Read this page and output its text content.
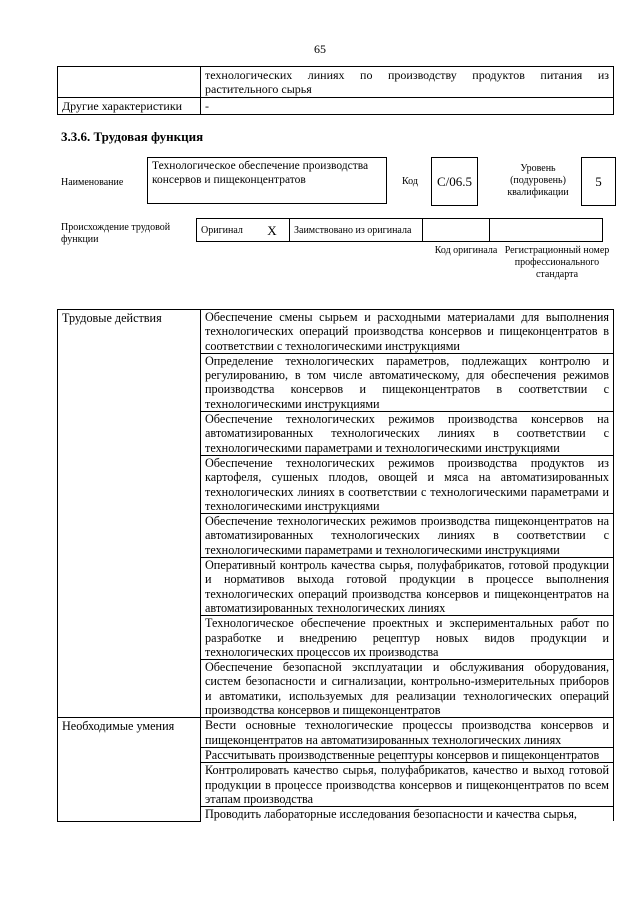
65
	технологических линиях по производству продуктов питания из растительного сырья
Другие характеристики	-
3.3.6. Трудовая функция
Наименование
Технологическое обеспечение производства консервов и пищеконцентратов	Код	C/06.5
Уровень (подуровень) квалификации
5
Происхождение трудовой функции
Оригинал	X	Заимствовано из оригинала		
Код оригинала Регистрационный номер профессионального стандарта
Трудовые действия	Обеспечение смены сырьем и расходными материалами для выполнения технологических операций производства консервов и пищеконцентратов в соответствии с технологическими инструкциями
	Определение технологических параметров, подлежащих контролю и регулированию, в том числе автоматическому, для обеспечения режимов производства консервов и пищеконцентратов в соответствии с технологическими инструкциями
	Обеспечение технологических режимов производства консервов на автоматизированных технологических линиях в соответствии с технологическими параметрами и технологическими инструкциями
	Обеспечение технологических режимов производства продуктов из картофеля, сушеных плодов, овощей и мяса на автоматизированных технологических линиях в соответствии с технологическими параметрами и технологическими инструкциями
	Обеспечение технологических режимов производства пищеконцентратов на автоматизированных технологических линиях в соответствии с технологическими параметрами и технологическими инструкциями
	Оперативный контроль качества сырья, полуфабрикатов, готовой продукции и нормативов выхода готовой продукции в процессе выполнения технологических операций производства консервов и пищеконцентратов на автоматизированных технологических линиях
	Технологическое обеспечение проектных и экспериментальных работ по разработке и внедрению рецептур новых видов продукции и технологических процессов их производства
	Обеспечение безопасной эксплуатации и обслуживания оборудования, систем безопасности и сигнализации, контрольно-измерительных приборов и автоматики, используемых для реализации технологических операций производства консервов и пищеконцентратов
Необходимые умения	Вести основные технологические процессы производства консервов и пищеконцентратов на автоматизированных технологических линиях
	Рассчитывать производственные рецептуры консервов и пищеконцентратов
	Контролировать качество сырья, полуфабрикатов, качество и выход готовой продукции в процессе производства консервов и пищеконцентратов по всем этапам производства
	Проводить лабораторные исследования безопасности и качества сырья,
